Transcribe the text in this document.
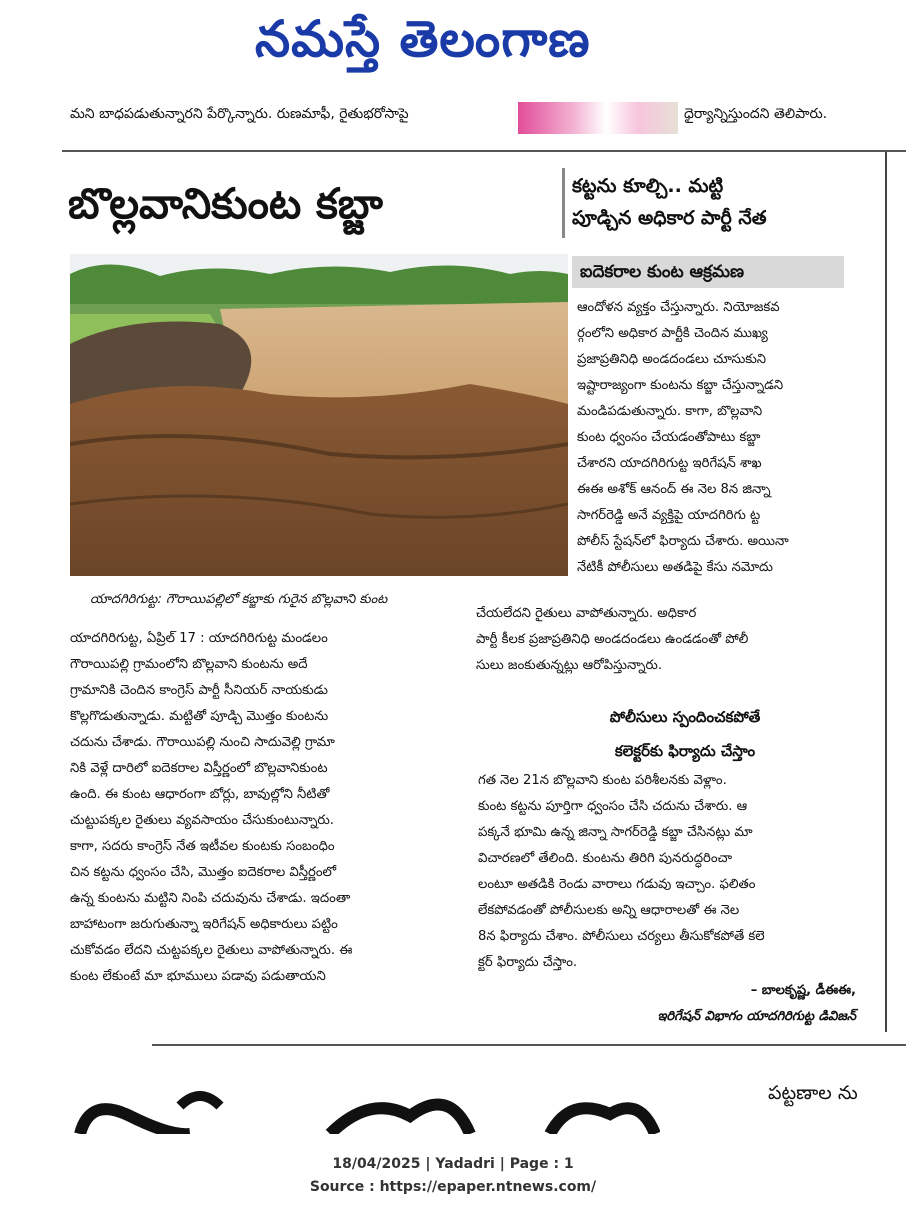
నమస్తే తెలంగాణ
మని బాధపడుతున్నారని పేర్కొన్నారు. రుణమాఫీ, రైతుభరోసాపై	ధైర్యాన్నిస్తుందని తెలిపారు.
బొల్లవానికుంట కబ్జా	కట్టను కూల్చి.. మట్టి
పూడ్చిన అధికార పార్టీ నేత
ఐదెకరాల కుంట ఆక్రమణ
యాదగిరిగుట్ట: గౌరాయిపల్లిలో కబ్జాకు గురైన బొల్లవాని కుంట

ఆందోళన వ్యక్తం చేస్తున్నారు. నియోజకవ

ర్గంలోని అధికార పార్టీకి చెందిన ముఖ్య

ప్రజాప్రతినిధి అండదండలు చూసుకుని

ఇష్టారాజ్యంగా కుంటను కబ్జా చేస్తున్నాడని

మండిపడుతున్నారు. కాగా, బొల్లవాని

కుంట ధ్వంసం చేయడంతోపాటు కబ్జా

చేశారని యాదగిరిగుట్ట ఇరిగేషన్ శాఖ

ఈఈ అశోక్ ఆనంద్ ఈ నెల 8న జిన్నా

సాగర్‌రెడ్డి అనే వ్యక్తిపై యాదగిరిగు ట్ట

పోలీస్ స్టేషన్‌లో ఫిర్యాదు చేశారు. అయినా

నేటికీ పోలీసులు అతడిపై కేసు నమోదు

చేయలేదని రైతులు వాపోతున్నారు. అధికార

పార్టీ కీలక ప్రజాప్రతినిధి అండదండలు ఉండడంతో పోలీ

సులు జంకుతున్నట్లు ఆరోపిస్తున్నారు.

యాదగిరిగుట్ట, ఏప్రిల్ 17 : యాదగిరిగుట్ట మండలం

గౌరాయిపల్లి గ్రామంలోని బొల్లవాని కుంటను అదే

గ్రామానికి చెందిన కాంగ్రెస్ పార్టీ సీనియర్ నాయకుడు

కొల్లగొడుతున్నాడు. మట్టితో పూడ్చి మొత్తం కుంటను

చదును చేశాడు. గౌరాయిపల్లి నుంచి సాదువెల్లి గ్రామా

నికి వెళ్లే దారిలో ఐదెకరాల విస్తీర్ణంలో బొల్లవానికుంట

ఉంది. ఈ కుంట ఆధారంగా బోర్లు, బావుల్లోని నీటితో

చుట్టుపక్కల రైతులు వ్యవసాయం చేసుకుంటున్నారు.

కాగా, సదరు కాంగ్రెస్ నేత ఇటీవల కుంటకు సంబంధిం

చిన కట్టను ధ్వంసం చేసి, మొత్తం ఐదెకరాల విస్తీర్ణంలో

ఉన్న కుంటను మట్టిని నింపి చదువును చేశాడు. ఇదంతా

బాహాటంగా జరుగుతున్నా ఇరిగేషన్ అధికారులు పట్టిం

చుకోవడం లేదని చుట్టపక్కల రైతులు వాపోతున్నారు. ఈ

కుంట లేకుంటే మా భూములు పడావు పడుతాయని

పోలీసులు స్పందించకపోతే
కలెక్టర్‌కు ఫిర్యాదు చేస్తాం

గత నెల 21న బొల్లవాని కుంట పరిశీలనకు వెళ్లాం.

కుంట కట్టను పూర్తిగా ధ్వంసం చేసి చదును చేశారు. ఆ

పక్కనే భూమి ఉన్న జిన్నా సాగర్‌రెడ్డి కబ్జా చేసినట్లు మా

విచారణలో తేలింది. కుంటను తిరిగి పునరుద్ధరించా

లంటూ అతడికి రెండు వారాలు గడువు ఇచ్చాం. ఫలితం

లేకపోవడంతో పోలీసులకు అన్ని ఆధారాలతో ఈ నెల

8న ఫిర్యాదు చేశాం. పోలీసులు చర్యలు తీసుకోకపోతే కలె

క్టర్ ఫిర్యాదు చేస్తాం.

– బాలకృష్ణ, డీఈఈ,
ఇరిగేషన్ విభాగం యాదగిరిగుట్ట డివిజన్
పట్టణాల ను
18/04/2025 | Yadadri | Page : 1
Source : https://epaper.ntnews.com/
